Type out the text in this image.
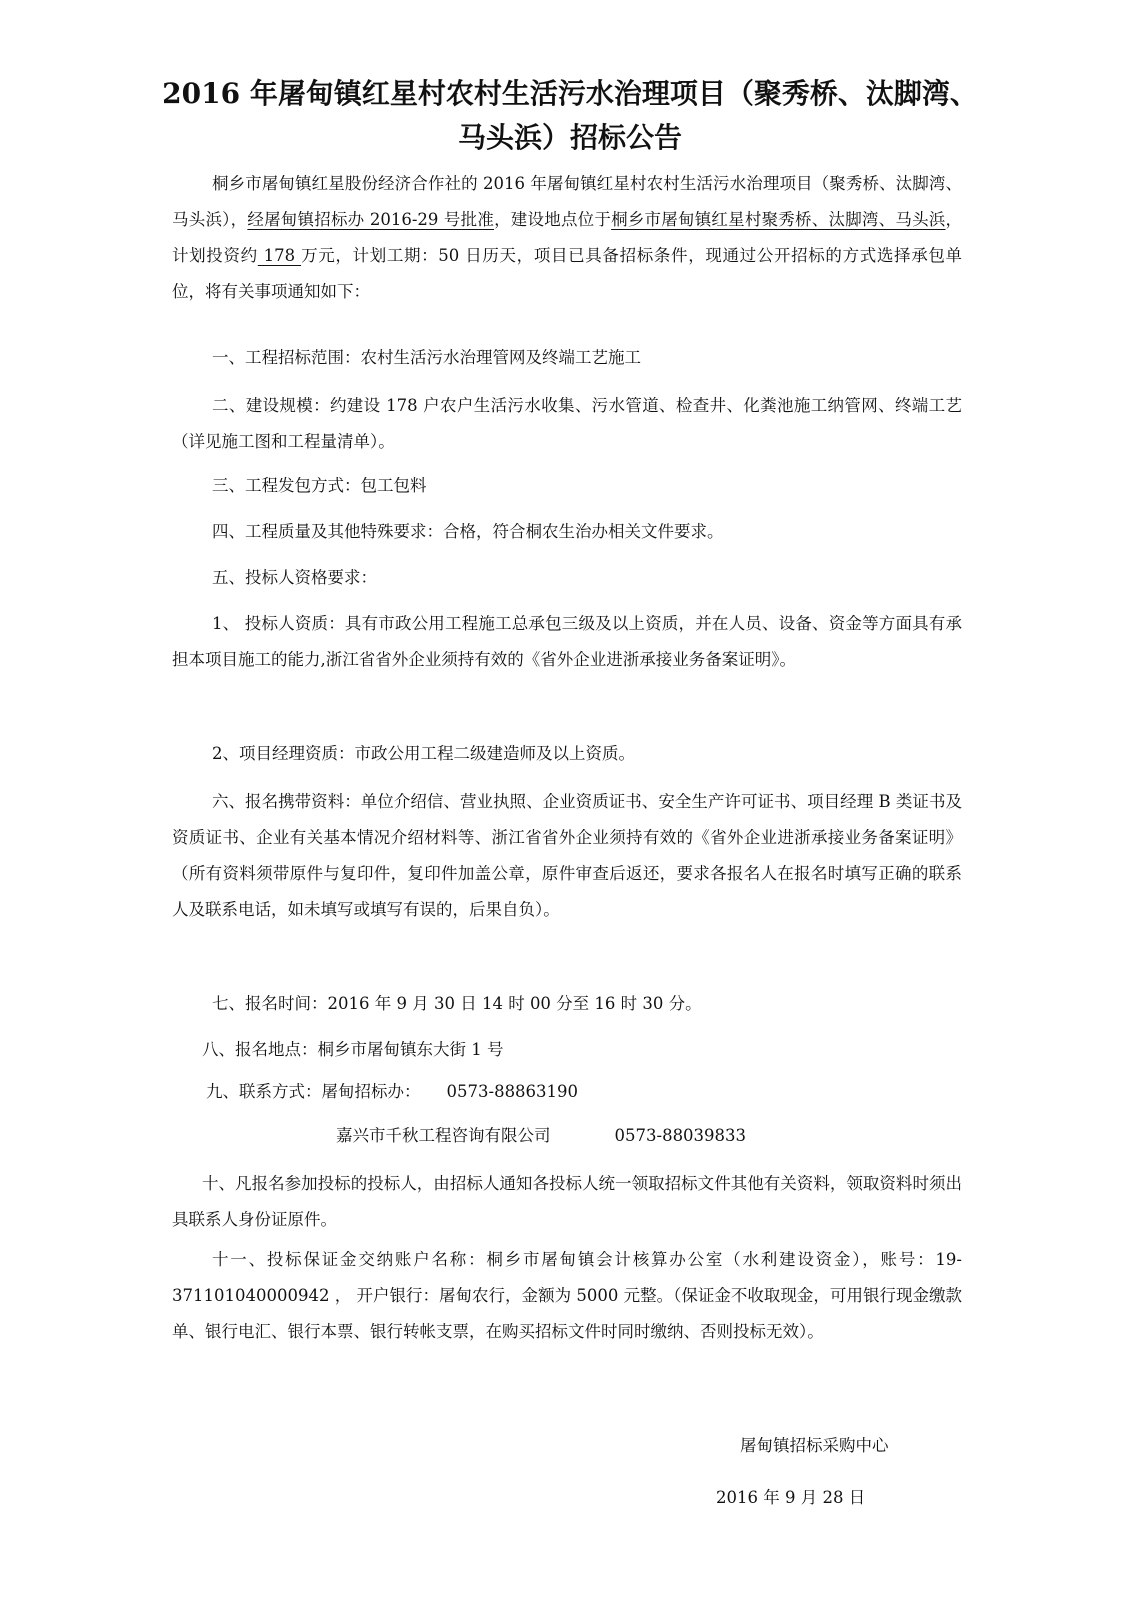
2016 年屠甸镇红星村农村生活污水治理项目（聚秀桥、汰脚湾、
马头浜）招标公告
桐乡市屠甸镇红星股份经济合作社的 2016 年屠甸镇红星村农村生活污水治理项目（聚秀桥、汰脚湾、马头浜），经屠甸镇招标办 2016-29 号批准，建设地点位于桐乡市屠甸镇红星村聚秀桥、汰脚湾、马头浜，计划投资约 178 万元，计划工期：50 日历天，项目已具备招标条件，现通过公开招标的方式选择承包单位，将有关事项通知如下：
一、工程招标范围：农村生活污水治理管网及终端工艺施工
二、建设规模：约建设 178 户农户生活污水收集、污水管道、检查井、化粪池施工纳管网、终端工艺（详见施工图和工程量清单）。
三、工程发包方式：包工包料
四、工程质量及其他特殊要求：合格，符合桐农生治办相关文件要求。
五、投标人资格要求：
1、 投标人资质：具有市政公用工程施工总承包三级及以上资质，并在人员、设备、资金等方面具有承担本项目施工的能力,浙江省省外企业须持有效的《省外企业进浙承接业务备案证明》。
2、项目经理资质：市政公用工程二级建造师及以上资质。
六、报名携带资料：单位介绍信、营业执照、企业资质证书、安全生产许可证书、项目经理 B 类证书及资质证书、企业有关基本情况介绍材料等、浙江省省外企业须持有效的《省外企业进浙承接业务备案证明》（所有资料须带原件与复印件，复印件加盖公章，原件审查后返还，要求各报名人在报名时填写正确的联系人及联系电话，如未填写或填写有误的，后果自负）。
七、报名时间：2016 年 9 月 30 日 14 时 00 分至 16 时 30 分。
八、报名地点：桐乡市屠甸镇东大街 1 号
九、联系方式：屠甸招标办： 0573-88863190
嘉兴市千秋工程咨询有限公司	0573-88039833
十、凡报名参加投标的投标人，由招标人通知各投标人统一领取招标文件其他有关资料，领取资料时须出具联系人身份证原件。
十一、投标保证金交纳账户名称：桐乡市屠甸镇会计核算办公室（水利建设资金），账号：19-371101040000942 ， 开户银行：屠甸农行，金额为 5000 元整。（保证金不收取现金，可用银行现金缴款单、银行电汇、银行本票、银行转帐支票，在购买招标文件时同时缴纳、否则投标无效）。
屠甸镇招标采购中心
2016 年 9 月 28 日
